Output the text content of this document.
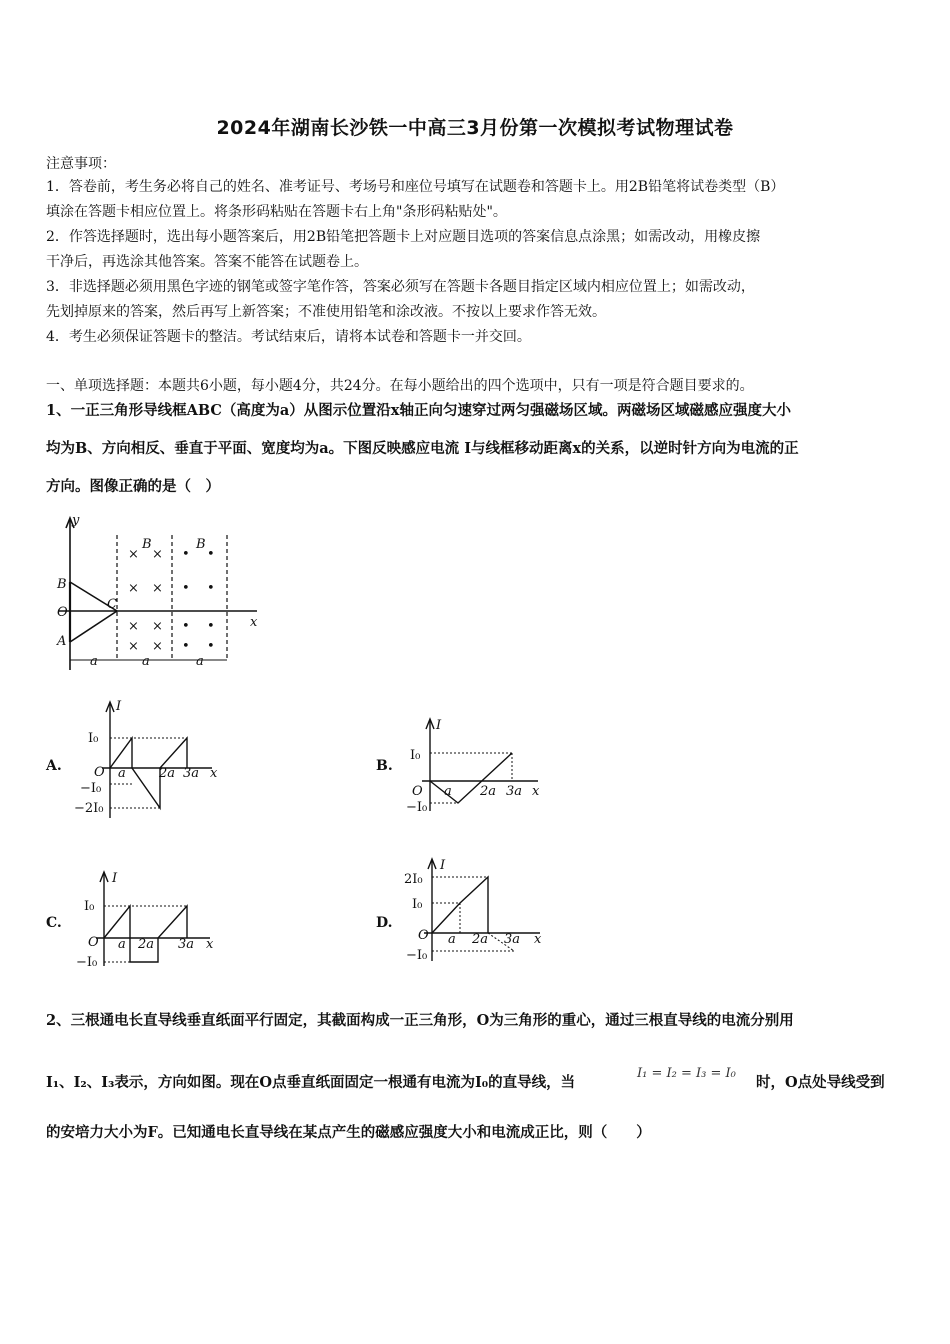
2024年湖南长沙铁一中高三3月份第一次模拟考试物理试卷
注意事项：
1．答卷前，考生务必将自己的姓名、准考证号、考场号和座位号填写在试题卷和答题卡上。用2B铅笔将试卷类型（B）
填涂在答题卡相应位置上。将条形码粘贴在答题卡右上角"条形码粘贴处"。
2．作答选择题时，选出每小题答案后，用2B铅笔把答题卡上对应题目选项的答案信息点涂黑；如需改动，用橡皮擦
干净后，再选涂其他答案。答案不能答在试题卷上。
3．非选择题必须用黑色字迹的钢笔或签字笔作答，答案必须写在答题卡各题目指定区域内相应位置上；如需改动，
先划掉原来的答案，然后再写上新答案；不准使用铅笔和涂改液。不按以上要求作答无效。
4．考生必须保证答题卡的整洁。考试结束后，请将本试卷和答题卡一并交回。
一、单项选择题：本题共6小题，每小题4分，共24分。在每小题给出的四个选项中，只有一项是符合题目要求的。
1、一正三角形导线框ABC（高度为a）从图示位置沿x轴正向匀速穿过两匀强磁场区域。两磁场区域磁感应强度大小
均为B、方向相反、垂直于平面、宽度均为a。下图反映感应电流 I与线框移动距离x的关系，以逆时针方向为电流的正
方向。图像正确的是（　）
y
x
O
A
B
C
B	B
a	a	a
× ×
× ×
× ×
× ×
• •
• •
• •
• •
A.
I
I₀
O a	2a 3a x
−I₀
−2I₀
B.
I
I₀
O a 2a 3a x
−I₀
C.
I
I₀
O a 2a 3a x
−I₀
D.
I
2I₀
I₀
O a 2a 3a x
−I₀
2、三根通电长直导线垂直纸面平行固定，其截面构成一正三角形，O为三角形的重心，通过三根直导线的电流分别用
I₁、I₂、I₃表示，方向如图。现在O点垂直纸面固定一根通有电流为I₀的直导线，当
I₁ = I₂ = I₃ = I₀
时，O点处导线受到
的安培力大小为F。已知通电长直导线在某点产生的磁感应强度大小和电流成正比，则（　　）
